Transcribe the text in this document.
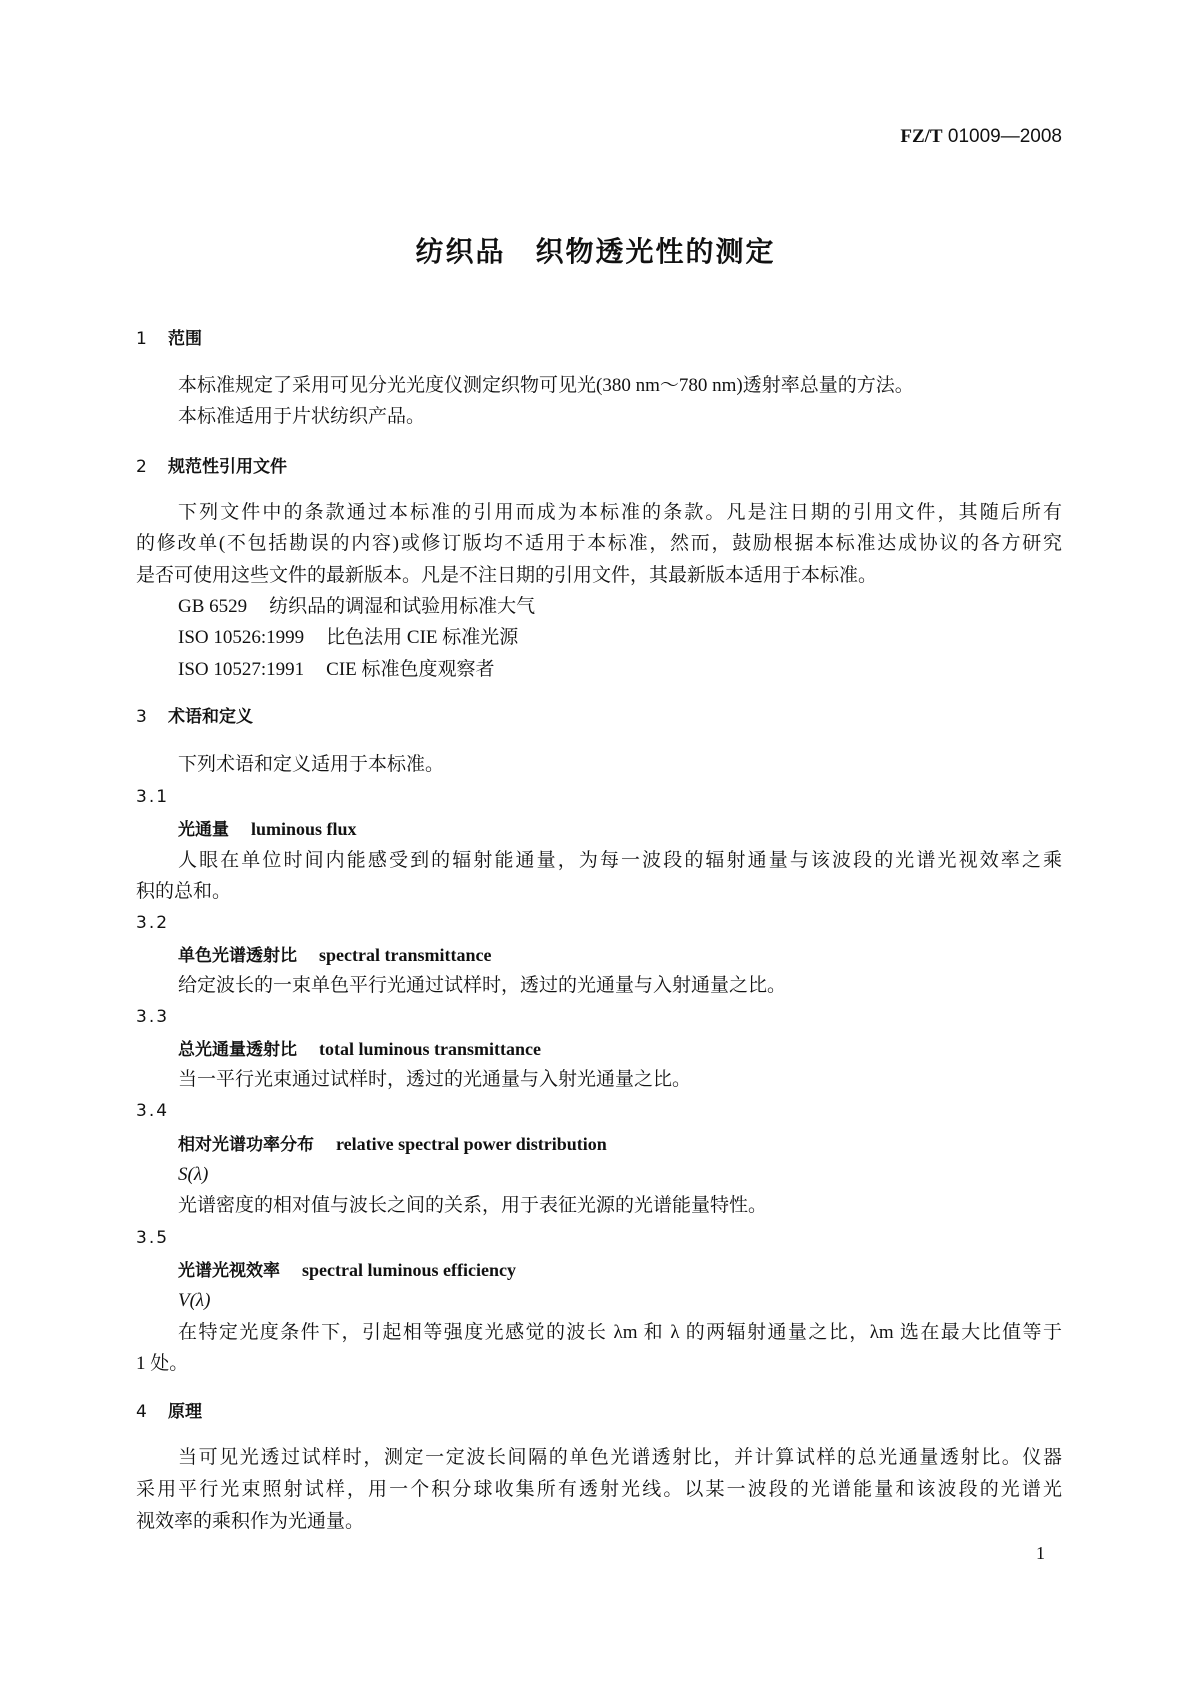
FZ/T 01009—2008
纺织品　织物透光性的测定
1 范围
本标准规定了采用可见分光光度仪测定织物可见光(380 nm～780 nm)透射率总量的方法。
本标准适用于片状纺织产品。
2 规范性引用文件
下列文件中的条款通过本标准的引用而成为本标准的条款。凡是注日期的引用文件，其随后所有
的修改单(不包括勘误的内容)或修订版均不适用于本标准，然而，鼓励根据本标准达成协议的各方研究
是否可使用这些文件的最新版本。凡是不注日期的引用文件，其最新版本适用于本标准。
GB 6529 纺织品的调湿和试验用标准大气
ISO 10526:1999 比色法用 CIE 标准光源
ISO 10527:1991 CIE 标准色度观察者
3 术语和定义
下列术语和定义适用于本标准。
3.1
光通量 luminous flux
人眼在单位时间内能感受到的辐射能通量，为每一波段的辐射通量与该波段的光谱光视效率之乘
积的总和。
3.2
单色光谱透射比 spectral transmittance
给定波长的一束单色平行光通过试样时，透过的光通量与入射通量之比。
3.3
总光通量透射比 total luminous transmittance
当一平行光束通过试样时，透过的光通量与入射光通量之比。
3.4
相对光谱功率分布 relative spectral power distribution
S(λ)
光谱密度的相对值与波长之间的关系，用于表征光源的光谱能量特性。
3.5
光谱光视效率 spectral luminous efficiency
V(λ)
在特定光度条件下，引起相等强度光感觉的波长 λm 和 λ 的两辐射通量之比，λm 选在最大比值等于
1 处。
4 原理
当可见光透过试样时，测定一定波长间隔的单色光谱透射比，并计算试样的总光通量透射比。仪器
采用平行光束照射试样，用一个积分球收集所有透射光线。以某一波段的光谱能量和该波段的光谱光
视效率的乘积作为光通量。
1
